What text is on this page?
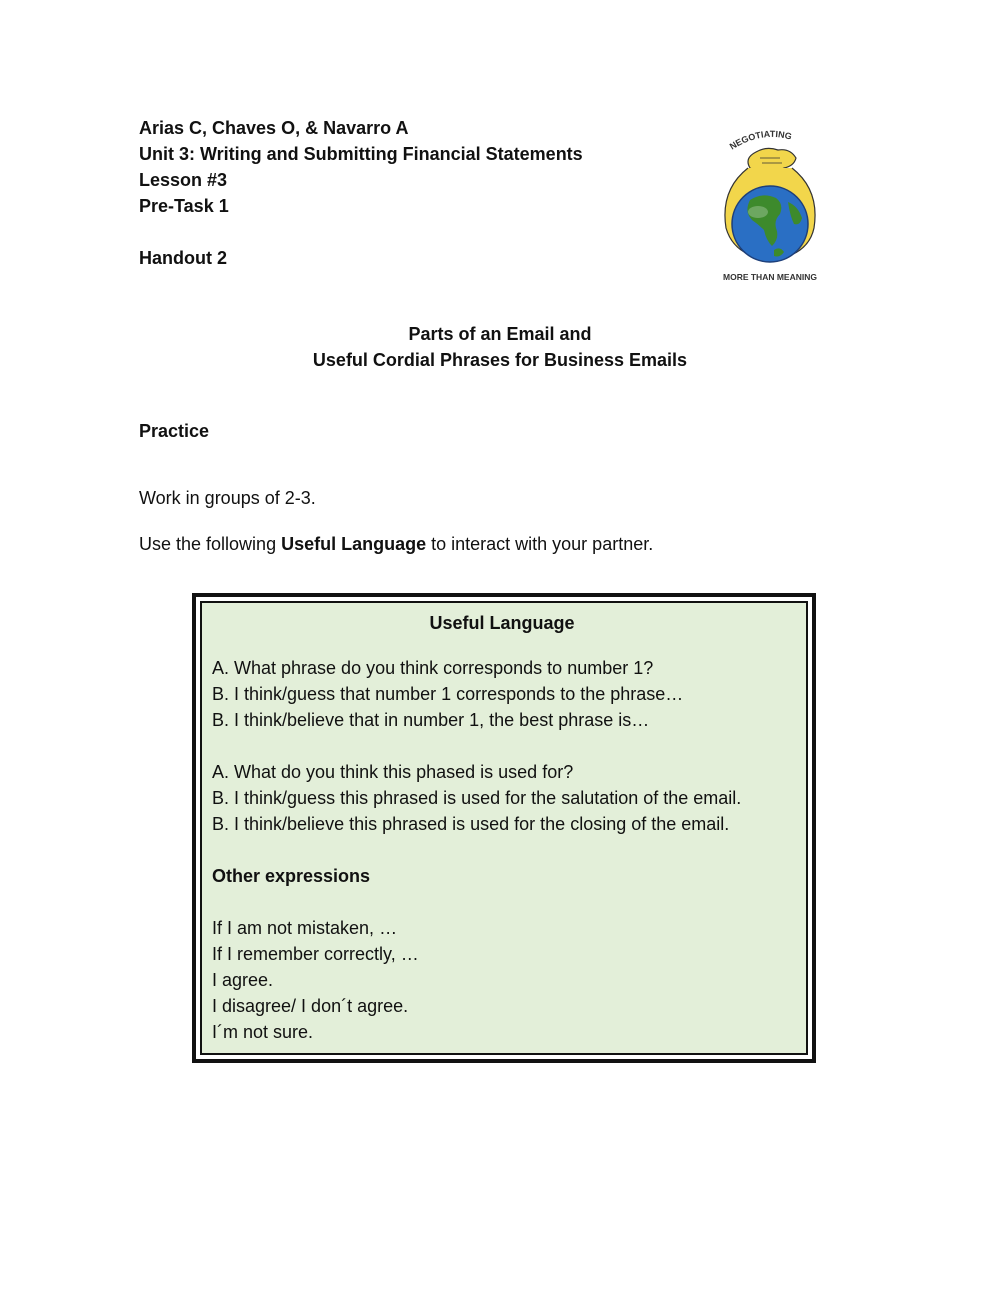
Arias C, Chaves O, & Navarro A
Unit 3: Writing and Submitting Financial Statements
Lesson #3
Pre-Task 1
Handout 2
NEGOTIATING
MORE THAN MEANING
Parts of an Email and
Useful Cordial Phrases for Business Emails
Practice
Work in groups of 2-3.
Use the following Useful Language to interact with your partner.
Useful Language
A. What phrase do you think corresponds to number 1?
B. I think/guess that number 1 corresponds to the phrase…
B. I think/believe that in number 1, the best phrase is…
A. What do you think this phased is used for?
B. I think/guess this phrased is used for the salutation of the email.
B. I think/believe this phrased is used for the closing of the email.
Other expressions
If I am not mistaken, …
If I remember correctly, …
I agree.
I disagree/ I don´t agree.
I´m not sure.
